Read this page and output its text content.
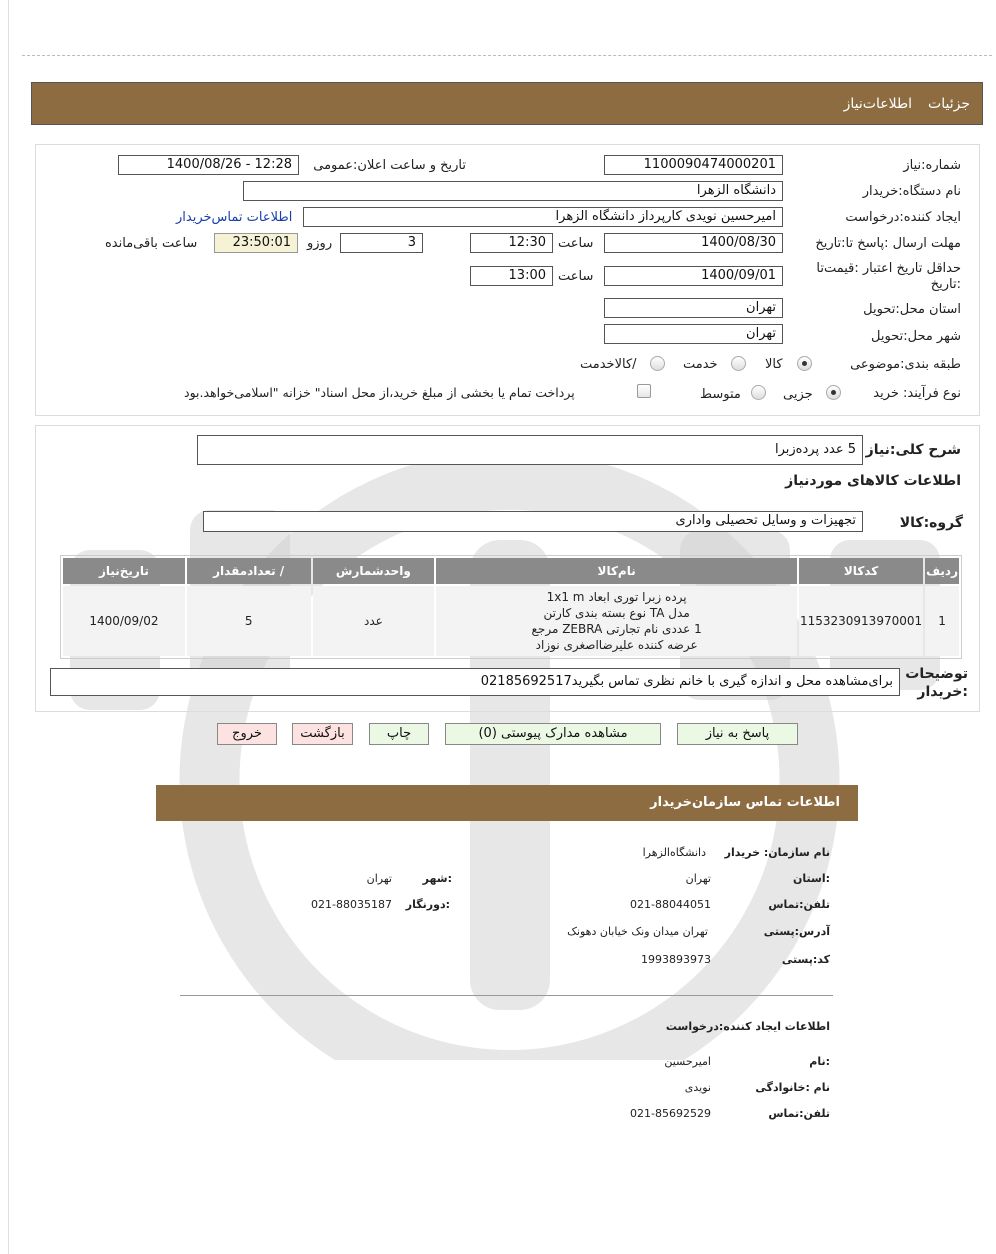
جزئیات
اطلاعات‌نیاز
شماره:نیاز
1100090474000201
تاریخ و ساعت اعلان:عمومی
1400/08/26 - 12:28
نام دستگاه:خریدار
دانشگاه الزهرا
ایجاد کننده:درخواست
امیرحسین نویدی کارپرداز دانشگاه الزهرا
اطلاعات تماس‌خریدار
مهلت ارسال :پاسخ تا:تاریخ
1400/08/30
ساعت
12:30
3
روزو
23:50:01
ساعت باقی‌مانده
حداقل تاریخ اعتبار :قیمت‌تا :تاریخ
1400/09/01
ساعت
13:00
استان محل:تحویل
تهران
شهر محل:تحویل
تهران
طبقه بندی:موضوعی
کالا
خدمت
/کالاخدمت
نوع فرآیند: خرید
جزیی
متوسط
پرداخت تمام یا بخشی از مبلغ خرید،از محل اسناد" خزانه "اسلامی‌خواهد.بود
شرح کلی:نیاز
5 عدد پرده‌زبرا
اطلاعات کالاهای موردنیاز
گروه:کالا
تجهیزات و وسایل تحصیلی واداری
ردیف	کدکالا	نام‌کالا	واحدشمارش	/ تعدادمقدار	تاریخ‌نیاز
1	1153230913970001	پرده زبرا توری ابعاد 1x1 m
مدل TA نوع بسته بندی کارتن
1 عددی نام تجارتی ZEBRA مرجع
عرضه کننده علیرضااصغری نوزاد	عدد	5	1400/09/02
توضیحات :خریدار
برای‌مشاهده محل و اندازه گیری با خانم نظری تماس بگیرید02185692517
پاسخ به نیاز
مشاهده مدارک پیوستی (0)
چاپ
بازگشت
خروج
اطلاعات تماس سازمان‌خریدار
نام سازمان: خریدار
دانشگاه‌الزهرا
:استان
تهران
:شهر
تهران
تلفن:تماس
021-88044051
:دورنگار
021-88035187
آدرس:پستی
تهران میدان ونک خیابان دهونک
کد:پستی
1993893973
اطلاعات ایجاد کننده:درخواست
:نام
امیرحسین
نام :خانوادگی
نویدی
تلفن:تماس
021-85692529
